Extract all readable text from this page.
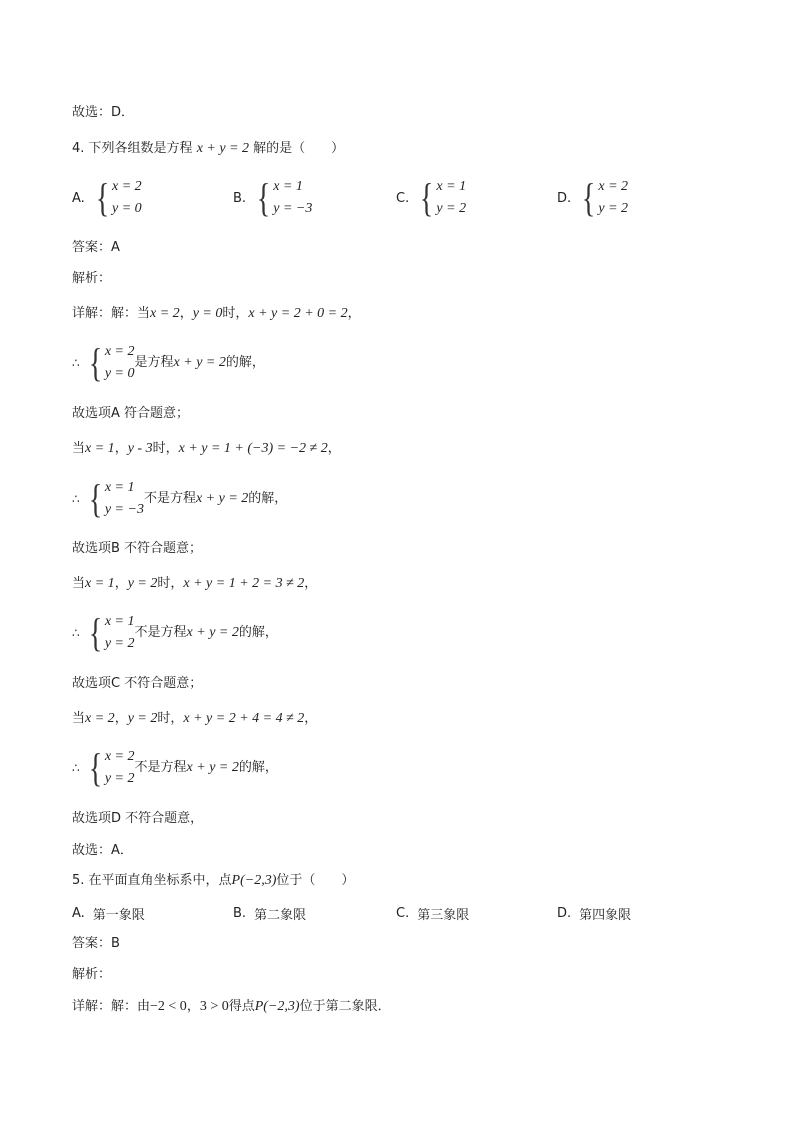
故选：D．
4. 下列各组数是方程 x + y = 2 解的是（　　）
A. { x = 2
y = 0
B. { x = 1
y = −3
C. { x = 1
y = 2
D. { x = 2
y = 2
答案：A
解析：
详解：解：当x = 2，y = 0时，x + y = 2 + 0 = 2，
∴ { x = 2
y = 0
是方程 x + y = 2 的解，
故选项A 符合题意；
当x = 1，y - 3时，x + y = 1 + (−3) = −2 ≠ 2，
∴ { x = 1
y = −3
不是方程 x + y = 2 的解，
故选项B 不符合题意；
当x = 1，y = 2时，x + y = 1 + 2 = 3 ≠ 2，
∴ { x = 1
y = 2
不是方程 x + y = 2 的解，
故选项C 不符合题意；
当x = 2，y = 2时，x + y = 2 + 4 = 4 ≠ 2，
∴ { x = 2
y = 2
不是方程 x + y = 2 的解，
故选项D 不符合题意，
故选：A．
5. 在平面直角坐标系中，点P(−2,3)位于（　　）
A. 第一象限	B. 第二象限	C. 第三象限	D. 第四象限
答案：B
解析：
详解：解：由−2 < 0，3 > 0得点P(−2,3)位于第二象限．
